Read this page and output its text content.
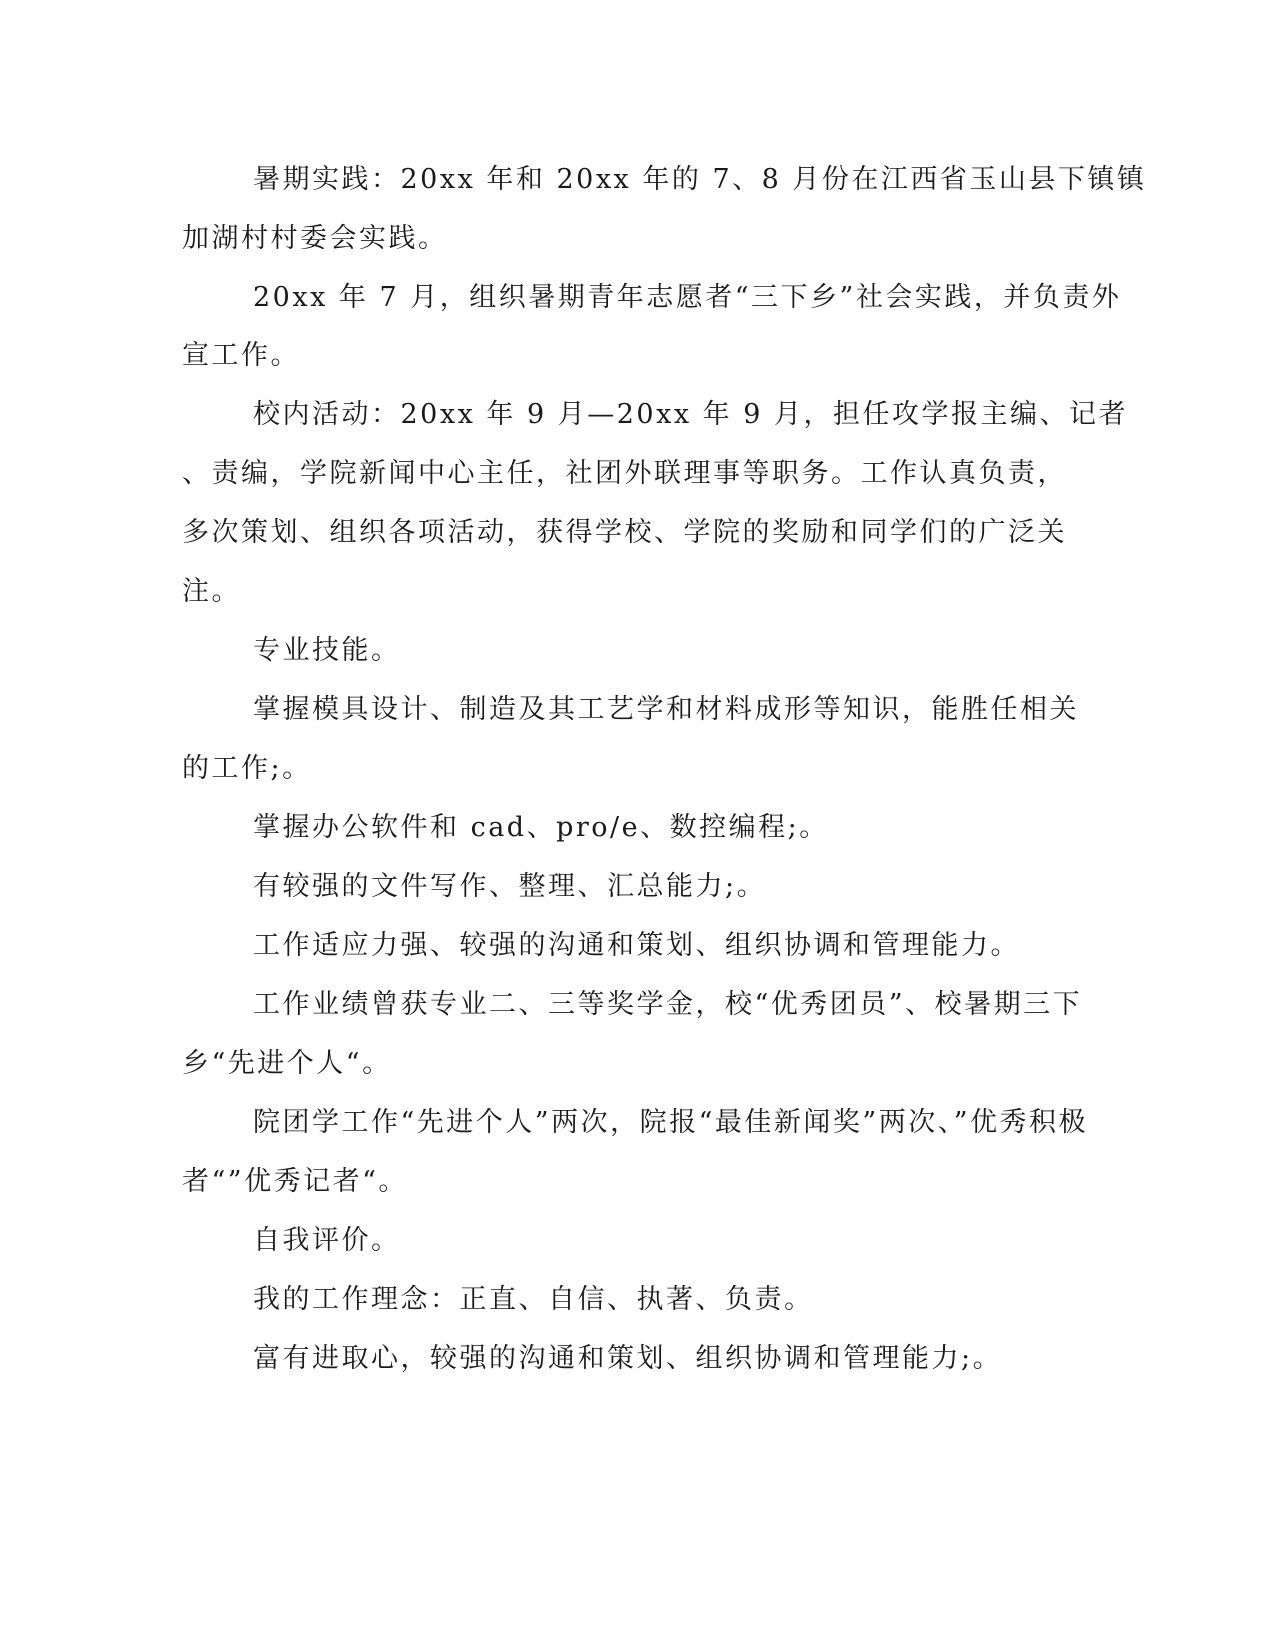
暑期实践：20xx 年和 20xx 年的 7、8 月份在江西省玉山县下镇镇
加湖村村委会实践。
20xx 年 7 月，组织暑期青年志愿者“三下乡”社会实践，并负责外
宣工作。
校内活动：20xx 年 9 月—20xx 年 9 月，担任攻学报主编、记者
、责编，学院新闻中心主任，社团外联理事等职务。工作认真负责，
多次策划、组织各项活动，获得学校、学院的奖励和同学们的广泛关
注。
专业技能。
掌握模具设计、制造及其工艺学和材料成形等知识，能胜任相关
的工作;。
掌握办公软件和 cad、pro/e、数控编程;。
有较强的文件写作、整理、汇总能力;。
工作适应力强、较强的沟通和策划、组织协调和管理能力。
工作业绩曾获专业二、三等奖学金，校“优秀团员”、校暑期三下
乡“先进个人“。
院团学工作“先进个人”两次，院报“最佳新闻奖”两次、”优秀积极
者“”优秀记者“。
自我评价。
我的工作理念：正直、自信、执著、负责。
富有进取心，较强的沟通和策划、组织协调和管理能力;。
